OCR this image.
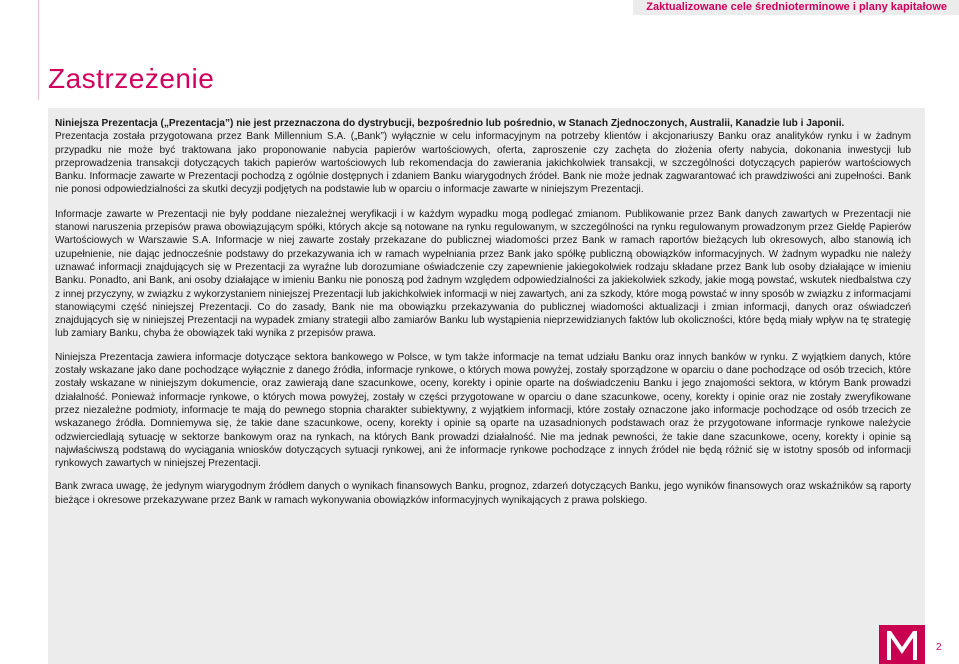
Zaktualizowane cele średnioterminowe i plany kapitałowe
Zastrzeżenie

Niniejsza Prezentacja („Prezentacja”) nie jest przeznaczona do dystrybucji, bezpośrednio lub pośrednio, w Stanach Zjednoczonych, Australii, Kanadzie lub i Japonii.

Prezentacja została przygotowana przez Bank Millennium S.A. („Bank”) wyłącznie w celu informacyjnym na potrzeby klientów i akcjonariuszy Banku oraz analityków rynku i w żadnym przypadku nie może być traktowana jako proponowanie nabycia papierów wartościowych, oferta, zaproszenie czy zachęta do złożenia oferty nabycia, dokonania inwestycji lub przeprowadzenia transakcji dotyczących takich papierów wartościowych lub rekomendacja do zawierania jakichkolwiek transakcji, w szczególności dotyczących papierów wartościowych Banku. Informacje zawarte w Prezentacji pochodzą z ogólnie dostępnych i zdaniem Banku wiarygodnych źródeł. Bank nie może jednak zagwarantować ich prawdziwości ani zupełności. Bank nie ponosi odpowiedzialności za skutki decyzji podjętych na podstawie lub w oparciu o informacje zawarte w niniejszym Prezentacji.

Informacje zawarte w Prezentacji nie były poddane niezależnej weryfikacji i w każdym wypadku mogą podlegać zmianom. Publikowanie przez Bank danych zawartych w Prezentacji nie stanowi naruszenia przepisów prawa obowiązującym spółki, których akcje są notowane na rynku regulowanym, w szczególności na rynku regulowanym prowadzonym przez Giełdę Papierów Wartościowych w Warszawie S.A. Informacje w niej zawarte zostały przekazane do publicznej wiadomości przez Bank w ramach raportów bieżących lub okresowych, albo stanowią ich uzupełnienie, nie dając jednocześnie podstawy do przekazywania ich w ramach wypełniania przez Bank jako spółkę publiczną obowiązków informacyjnych. W żadnym wypadku nie należy uznawać informacji znajdujących się w Prezentacji za wyraźne lub dorozumiane oświadczenie czy zapewnienie jakiegokolwiek rodzaju składane przez Bank lub osoby działające w imieniu Banku. Ponadto, ani Bank, ani osoby działające w imieniu Banku nie ponoszą pod żadnym względem odpowiedzialności za jakiekolwiek szkody, jakie mogą powstać, wskutek niedbalstwa czy z innej przyczyny, w związku z wykorzystaniem niniejszej Prezentacji lub jakichkolwiek informacji w niej zawartych, ani za szkody, które mogą powstać w inny sposób w związku z informacjami stanowiącymi część niniejszej Prezentacji. Co do zasady, Bank nie ma obowiązku przekazywania do publicznej wiadomości aktualizacji i zmian informacji, danych oraz oświadczeń znajdujących się w niniejszej Prezentacji na wypadek zmiany strategii albo zamiarów Banku lub wystąpienia nieprzewidzianych faktów lub okoliczności, które będą miały wpływ na tę strategię lub zamiary Banku, chyba że obowiązek taki wynika z przepisów prawa.

Niniejsza Prezentacja zawiera informacje dotyczące sektora bankowego w Polsce, w tym także informacje na temat udziału Banku oraz innych banków w rynku. Z wyjątkiem danych, które zostały wskazane jako dane pochodzące wyłącznie z danego źródła, informacje rynkowe, o których mowa powyżej, zostały sporządzone w oparciu o dane pochodzące od osób trzecich, które zostały wskazane w niniejszym dokumencie, oraz zawierają dane szacunkowe, oceny, korekty i opinie oparte na doświadczeniu Banku i jego znajomości sektora, w którym Bank prowadzi działalność. Ponieważ informacje rynkowe, o których mowa powyżej, zostały w części przygotowane w oparciu o dane szacunkowe, oceny, korekty i opinie oraz nie zostały zweryfikowane przez niezależne podmioty, informacje te mają do pewnego stopnia charakter subiektywny, z wyjątkiem informacji, które zostały oznaczone jako informacje pochodzące od osób trzecich ze wskazanego źródła. Domniemywa się, że takie dane szacunkowe, oceny, korekty i opinie są oparte na uzasadnionych podstawach oraz że przygotowane informacje rynkowe należycie odzwierciedlają sytuację w sektorze bankowym oraz na rynkach, na których Bank prowadzi działalność. Nie ma jednak pewności, że takie dane szacunkowe, oceny, korekty i opinie są najwłaściwszą podstawą do wyciągania wniosków dotyczących sytuacji rynkowej, ani że informacje rynkowe pochodzące z innych źródeł nie będą różnić się w istotny sposób od informacji rynkowych zawartych w niniejszej Prezentacji.

Bank zwraca uwagę, że jedynym wiarygodnym źródłem danych o wynikach finansowych Banku, prognoz, zdarzeń dotyczących Banku, jego wyników finansowych oraz wskaźników są raporty bieżące i okresowe przekazywane przez Bank w ramach wykonywania obowiązków informacyjnych wynikających z prawa polskiego.

2
